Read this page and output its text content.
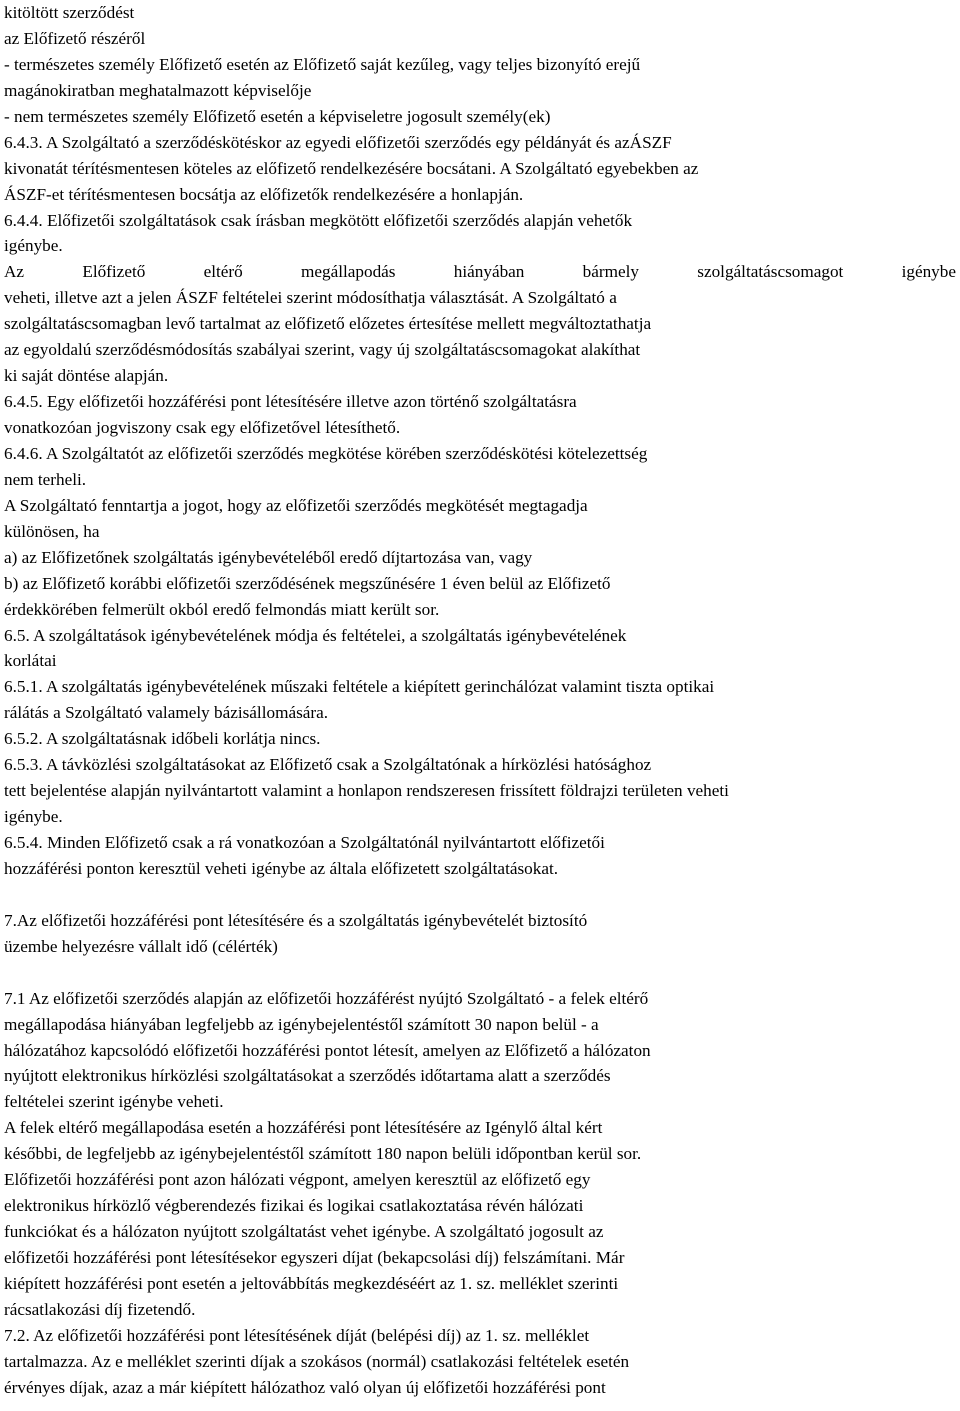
kitöltött szerződést
az Előfizető részéről
- természetes személy Előfizető esetén az Előfizető saját kezűleg, vagy teljes bizonyító erejű
magánokiratban meghatalmazott képviselője
- nem természetes személy Előfizető esetén a képviseletre jogosult személy(ek)
6.4.3. A Szolgáltató a szerződéskötéskor az egyedi előfizetői szerződés egy példányát és azÁSZF
kivonatát térítésmentesen köteles az előfizető rendelkezésére bocsátani. A Szolgáltató egyebekben az
ÁSZF-et térítésmentesen bocsátja az előfizetők rendelkezésére a honlapján.
6.4.4. Előfizetői szolgáltatások csak írásban megkötött előfizetői szerződés alapján vehetők
igénybe.
Az Előfizető eltérő megállapodás hiányában bármely szolgáltatáscsomagot igénybe
veheti, illetve azt a jelen ÁSZF feltételei szerint módosíthatja választását. A Szolgáltató a
szolgáltatáscsomagban levő tartalmat az előfizető előzetes értesítése mellett megváltoztathatja
az egyoldalú szerződésmódosítás szabályai szerint, vagy új szolgáltatáscsomagokat alakíthat
ki saját döntése alapján.
6.4.5. Egy előfizetői hozzáférési pont létesítésére illetve azon történő szolgáltatásra
vonatkozóan jogviszony csak egy előfizetővel létesíthető.
6.4.6. A Szolgáltatót az előfizetői szerződés megkötése körében szerződéskötési kötelezettség
nem terheli.
A Szolgáltató fenntartja a jogot, hogy az előfizetői szerződés megkötését megtagadja
különösen, ha
a) az Előfizetőnek szolgáltatás igénybevételéből eredő díjtartozása van, vagy
b) az Előfizető korábbi előfizetői szerződésének megszűnésére 1 éven belül az Előfizető
érdekkörében felmerült okból eredő felmondás miatt került sor.
6.5. A szolgáltatások igénybevételének módja és feltételei, a szolgáltatás igénybevételének
korlátai
6.5.1. A szolgáltatás igénybevételének műszaki feltétele a kiépített gerinchálózat valamint tiszta optikai
rálátás a Szolgáltató valamely bázisállomására.
6.5.2. A szolgáltatásnak időbeli korlátja nincs.
6.5.3. A távközlési szolgáltatásokat az Előfizető csak a Szolgáltatónak a hírközlési hatósághoz
tett bejelentése alapján nyilvántartott valamint a honlapon rendszeresen frissített földrajzi területen veheti
igénybe.
6.5.4. Minden Előfizető csak a rá vonatkozóan a Szolgáltatónál nyilvántartott előfizetői
hozzáférési ponton keresztül veheti igénybe az általa előfizetett szolgáltatásokat.
7.Az előfizetői hozzáférési pont létesítésére és a szolgáltatás igénybevételét biztosító
üzembe helyezésre vállalt idő (célérték)
7.1 Az előfizetői szerződés alapján az előfizetői hozzáférést nyújtó Szolgáltató - a felek eltérő
megállapodása hiányában legfeljebb az igénybejelentéstől számított 30 napon belül - a
hálózatához kapcsolódó előfizetői hozzáférési pontot létesít, amelyen az Előfizető a hálózaton
nyújtott elektronikus hírközlési szolgáltatásokat a szerződés időtartama alatt a szerződés
feltételei szerint igénybe veheti.
A felek eltérő megállapodása esetén a hozzáférési pont létesítésére az Igénylő által kért
későbbi, de legfeljebb az igénybejelentéstől számított 180 napon belüli időpontban kerül sor.
Előfizetői hozzáférési pont azon hálózati végpont, amelyen keresztül az előfizető egy
elektronikus hírközlő végberendezés fizikai és logikai csatlakoztatása révén hálózati
funkciókat és a hálózaton nyújtott szolgáltatást vehet igénybe. A szolgáltató jogosult az
előfizetői hozzáférési pont létesítésekor egyszeri díjat (bekapcsolási díj) felszámítani. Már
kiépített hozzáférési pont esetén a jeltovábbítás megkezdéséért az 1. sz. melléklet szerinti
rácsatlakozási díj fizetendő.
7.2. Az előfizetői hozzáférési pont létesítésének díját (belépési díj) az 1. sz. melléklet
tartalmazza. Az e melléklet szerinti díjak a szokásos (normál) csatlakozási feltételek esetén
érvényes díjak, azaz a már kiépített hálózathoz való olyan új előfizetői hozzáférési pont
